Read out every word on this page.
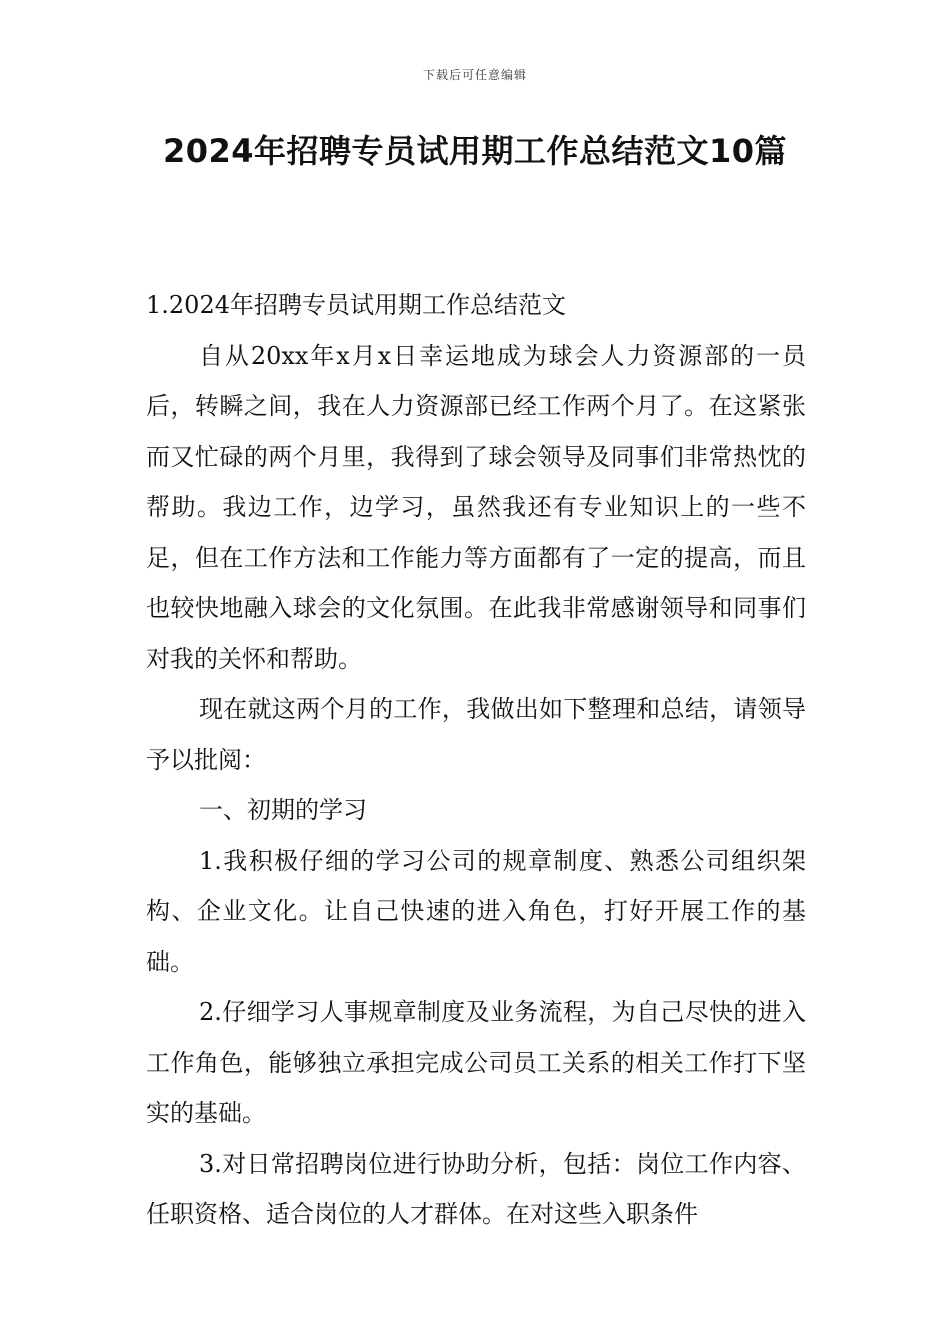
下载后可任意编辑
2024年招聘专员试用期工作总结范文10篇

1.2024年招聘专员试用期工作总结范文

自从20xx年x月x日幸运地成为球会人力资源部的一员后，转瞬之间，我在人力资源部已经工作两个月了。在这紧张而又忙碌的两个月里，我得到了球会领导及同事们非常热忱的帮助。我边工作，边学习，虽然我还有专业知识上的一些不足，但在工作方法和工作能力等方面都有了一定的提高，而且也较快地融入球会的文化氛围。在此我非常感谢领导和同事们对我的关怀和帮助。

现在就这两个月的工作，我做出如下整理和总结，请领导予以批阅：

一、初期的学习

1.我积极仔细的学习公司的规章制度、熟悉公司组织架构、企业文化。让自己快速的进入角色，打好开展工作的基础。

2.仔细学习人事规章制度及业务流程，为自己尽快的进入工作角色，能够独立承担完成公司员工关系的相关工作打下坚实的基础。

3.对日常招聘岗位进行协助分析，包括：岗位工作内容、任职资格、适合岗位的人才群体。在对这些入职条件
